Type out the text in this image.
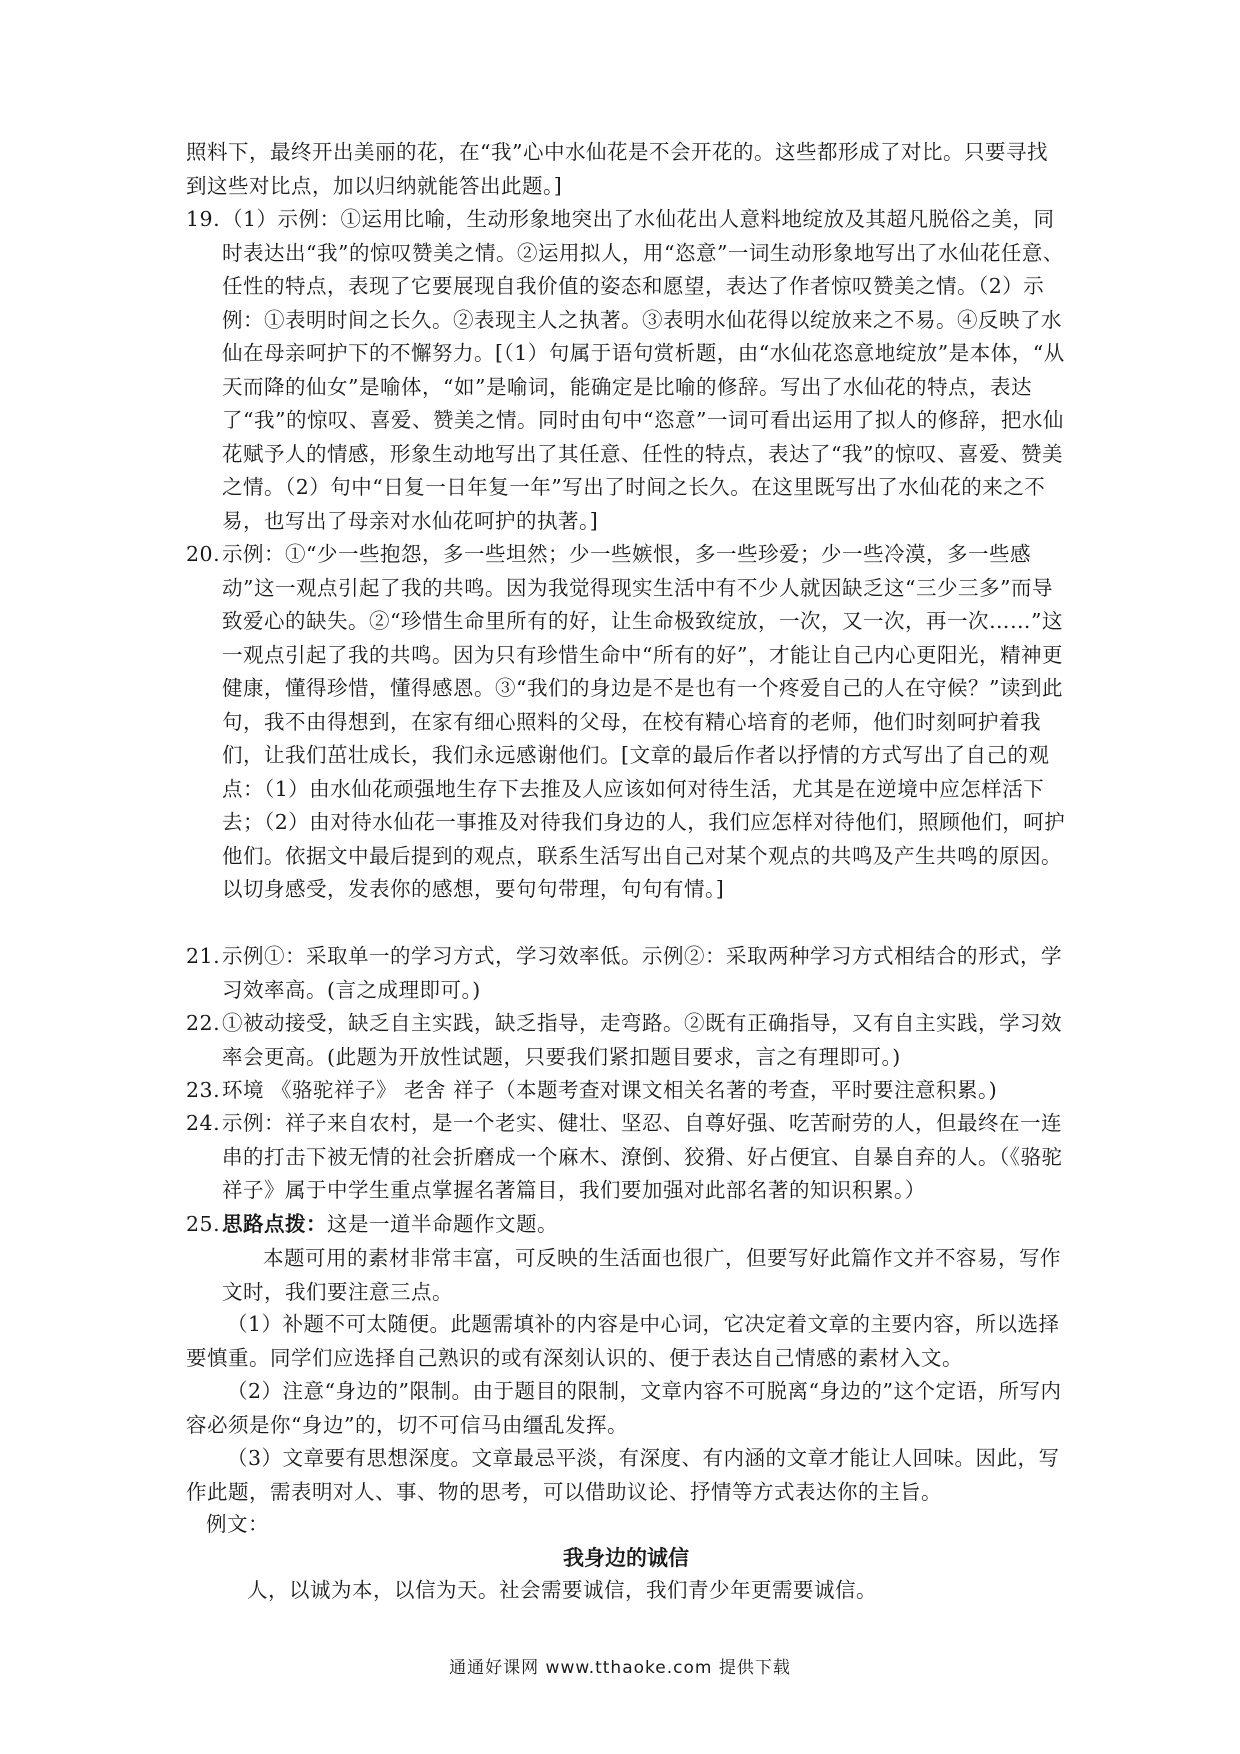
照料下，最终开出美丽的花，在“我”心中水仙花是不会开花的。这些都形成了对比。只要寻找到这些对比点，加以归纳就能答出此题。]
19. （1）示例：①运用比喻，生动形象地突出了水仙花出人意料地绽放及其超凡脱俗之美，同时表达出“我”的惊叹赞美之情。②运用拟人，用“恣意”一词生动形象地写出了水仙花任意、任性的特点，表现了它要展现自我价值的姿态和愿望，表达了作者惊叹赞美之情。（2）示例：①表明时间之长久。②表现主人之执著。③表明水仙花得以绽放来之不易。④反映了水仙在母亲呵护下的不懈努力。[（1）句属于语句赏析题，由“水仙花恣意地绽放”是本体，“从天而降的仙女”是喻体，“如”是喻词，能确定是比喻的修辞。写出了水仙花的特点，表达了“我”的惊叹、喜爱、赞美之情。同时由句中“恣意”一词可看出运用了拟人的修辞，把水仙花赋予人的情感，形象生动地写出了其任意、任性的特点，表达了“我”的惊叹、喜爱、赞美之情。（2）句中“日复一日年复一年”写出了时间之长久。在这里既写出了水仙花的来之不易，也写出了母亲对水仙花呵护的执著。]
20. 示例：①“少一些抱怨，多一些坦然；少一些嫉恨，多一些珍爱；少一些冷漠，多一些感动”这一观点引起了我的共鸣。因为我觉得现实生活中有不少人就因缺乏这“三少三多”而导致爱心的缺失。②“珍惜生命里所有的好，让生命极致绽放，一次，又一次，再一次……”这一观点引起了我的共鸣。因为只有珍惜生命中“所有的好”，才能让自己内心更阳光，精神更健康，懂得珍惜，懂得感恩。③“我们的身边是不是也有一个疼爱自己的人在守候？”读到此句，我不由得想到，在家有细心照料的父母，在校有精心培育的老师，他们时刻呵护着我们，让我们茁壮成长，我们永远感谢他们。[文章的最后作者以抒情的方式写出了自己的观点：（1）由水仙花顽强地生存下去推及人应该如何对待生活，尤其是在逆境中应怎样活下去；（2）由对待水仙花一事推及对待我们身边的人，我们应怎样对待他们，照顾他们，呵护他们。依据文中最后提到的观点，联系生活写出自己对某个观点的共鸣及产生共鸣的原因。以切身感受，发表你的感想，要句句带理，句句有情。]
21. 示例①：采取单一的学习方式，学习效率低。示例②：采取两种学习方式相结合的形式，学习效率高。(言之成理即可。)
22. ①被动接受，缺乏自主实践，缺乏指导，走弯路。②既有正确指导，又有自主实践，学习效率会更高。(此题为开放性试题，只要我们紧扣题目要求，言之有理即可。)
23. 环境 《骆驼祥子》 老舍 祥子（本题考查对课文相关名著的考查，平时要注意积累。)
24. 示例：祥子来自农村，是一个老实、健壮、坚忍、自尊好强、吃苦耐劳的人，但最终在一连串的打击下被无情的社会折磨成一个麻木、潦倒、狡猾、好占便宜、自暴自弃的人。（《骆驼祥子》属于中学生重点掌握名著篇目，我们要加强对此部名著的知识积累。）
25. 思路点拨：这是一道半命题作文题。
本题可用的素材非常丰富，可反映的生活面也很广，但要写好此篇作文并不容易，写作文时，我们要注意三点。
（1）补题不可太随便。此题需填补的内容是中心词，它决定着文章的主要内容，所以选择要慎重。同学们应选择自己熟识的或有深刻认识的、便于表达自己情感的素材入文。
（2）注意“身边的”限制。由于题目的限制，文章内容不可脱离“身边的”这个定语，所写内容必须是你“身边”的，切不可信马由缰乱发挥。
（3）文章要有思想深度。文章最忌平淡，有深度、有内涵的文章才能让人回味。因此，写作此题，需表明对人、事、物的思考，可以借助议论、抒情等方式表达你的主旨。
例文：
我身边的诚信
人，以诚为本，以信为天。社会需要诚信，我们青少年更需要诚信。
通通好课网 www.tthaoke.com 提供下载
